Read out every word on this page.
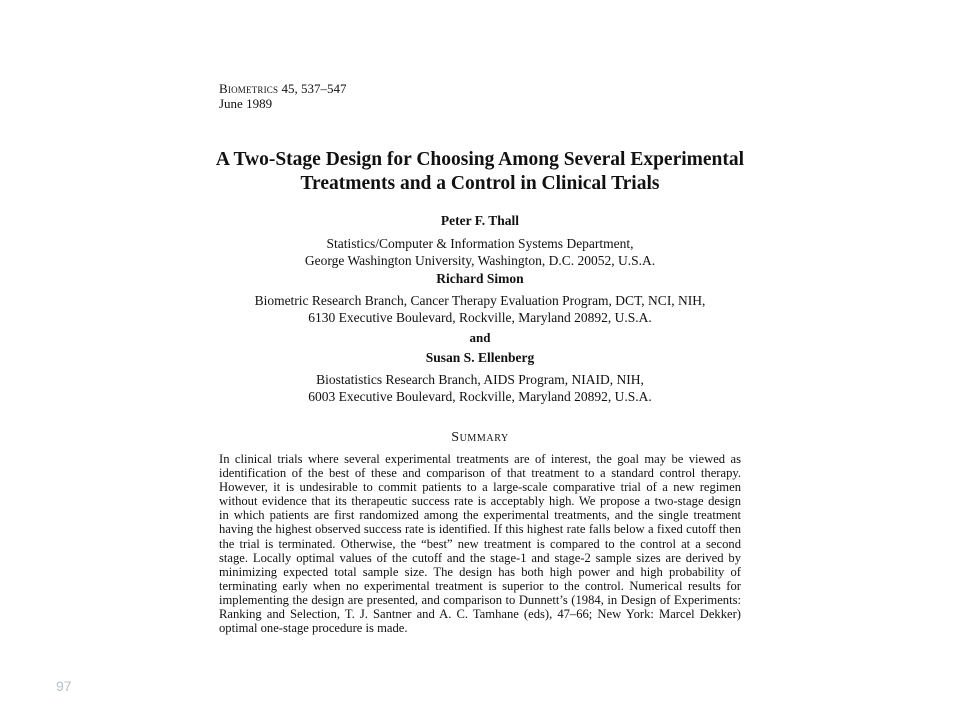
Biometrics 45, 537–547
June 1989
A Two-Stage Design for Choosing Among Several Experimental
Treatments and a Control in Clinical Trials
Peter F. Thall
Statistics/Computer & Information Systems Department,
George Washington University, Washington, D.C. 20052, U.S.A.
Richard Simon
Biometric Research Branch, Cancer Therapy Evaluation Program, DCT, NCI, NIH,
6130 Executive Boulevard, Rockville, Maryland 20892, U.S.A.
and
Susan S. Ellenberg
Biostatistics Research Branch, AIDS Program, NIAID, NIH,
6003 Executive Boulevard, Rockville, Maryland 20892, U.S.A.
Summary
In clinical trials where several experimental treatments are of interest, the goal may be viewed as
identification of the best of these and comparison of that treatment to a standard control therapy.
However, it is undesirable to commit patients to a large-scale comparative trial of a new regimen
without evidence that its therapeutic success rate is acceptably high. We propose a two-stage design
in which patients are first randomized among the experimental treatments, and the single treatment
having the highest observed success rate is identified. If this highest rate falls below a fixed cutoff then
the trial is terminated. Otherwise, the “best” new treatment is compared to the control at a second
stage. Locally optimal values of the cutoff and the stage-1 and stage-2 sample sizes are derived by
minimizing expected total sample size. The design has both high power and high probability of
terminating early when no experimental treatment is superior to the control. Numerical results for
implementing the design are presented, and comparison to Dunnett’s (1984, in Design of Experiments:
Ranking and Selection, T. J. Santner and A. C. Tamhane (eds), 47–66; New York: Marcel Dekker)
optimal one-stage procedure is made.
97
